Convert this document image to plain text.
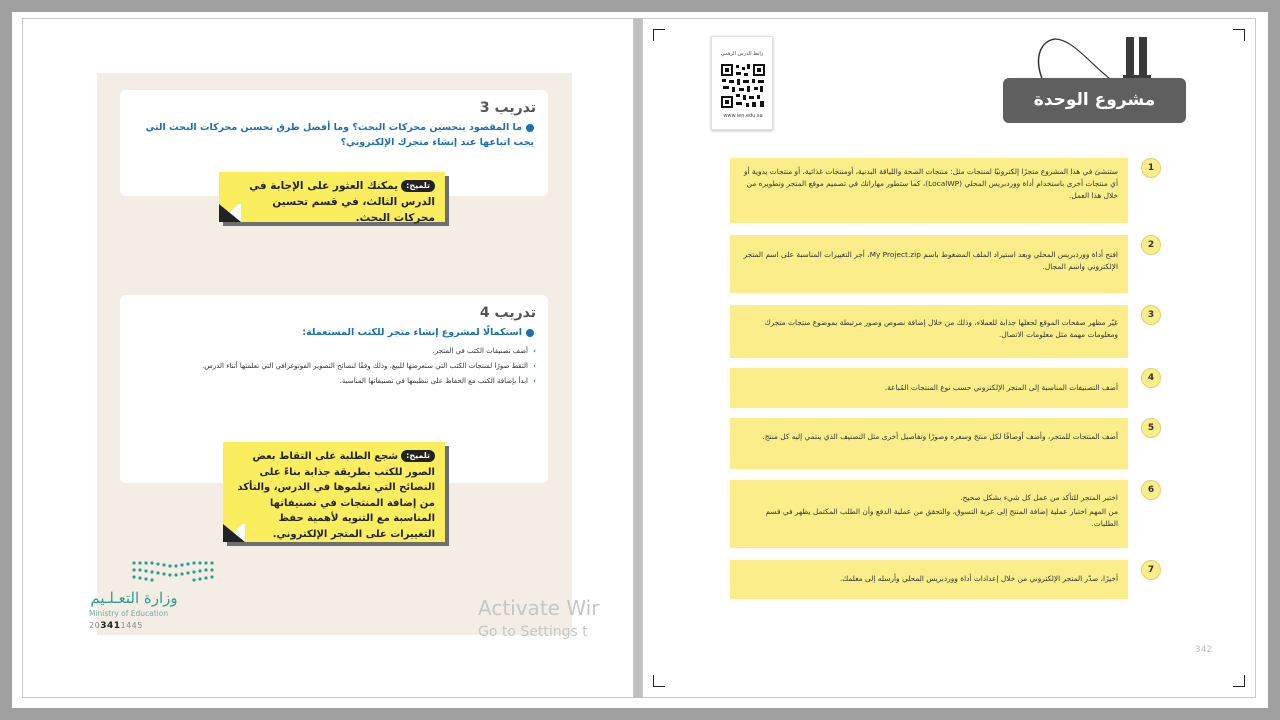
تدريب 3
ما المقصود بتحسين محركات البحث؟ وما أفضل طرق تحسين محركات البحث التي يجب اتباعها عند إنشاء متجرك الإلكتروني؟
تدريب 4
استكمالًا لمشروع إنشاء متجر للكتب المستعملة:
› أضف تصنيفات الكتب في المتجر.
› التقط صورًا لمنتجات الكتب التي ستعرضها للبيع، وذلك وفقًا لنصائح التصوير الفوتوغرافي التي تعلمتها أثناء الدرس.
› ابدأ بإضافة الكتب مع الحفاظ على تنظيمها في تصنيفاتها المناسبة.
تلميح:يمكنك العثور على الإجابة في الدرس الثالث، في قسم تحسين محركات البحث.
تلميح:شجع الطلبة على التقاط بعض الصور للكتب بطريقة جذابة بناءً على النصائح التي تعلموها في الدرس، والتأكد من إضافة المنتجات في تصنيفاتها المناسبة مع التنويه لأهمية حفظ التغييرات على المتجر الإلكتروني.
وزارة التعـلـيم
Ministry of Education
203411445
رابط الدرس الرقمي
www.ien.edu.sa
مشروع الوحدة
ستنشئ في هذا المشروع متجرًا إلكترونيًا لمنتجات مثل: منتجات الصحة واللياقة البدنية، أومنتجات غذائية، أو منتجات يدوية أو أي منتجات أخرى باستخدام أداة ووردبريس المحلي (LocalWP)، كما ستطور مهاراتك في تصميم موقع المتجر وتطويره من خلال هذا العمل.
1
افتح أداة ووردبريس المحلي وبعد استيراد الملف المضغوط باسم My Project.zip، أجر التغييرات المناسبة على اسم المتجر الإلكتروني واسم المجال.
2
غيّر مظهر صفحات الموقع لجعلها جذابة للعملاء، وذلك من خلال إضافة نصوص وصور مرتبطة بموضوع منتجات متجرك ومعلومات مهمة مثل معلومات الاتصال.
3
أضف التصنيفات المناسبة إلى المتجر الإلكتروني حسب نوع المنتجات المُباعة.
4
أضف المنتجات للمتجر، وأضف أوصافًا لكل منتج وسعره وصورًا وتفاصيل أخرى مثل التصنيف الذي ينتمي إليه كل منتج.
5
اختبر المتجر للتأكد من عمل كل شيء بشكل صحيح.
من المهم اختبار عملية إضافة المنتج إلى عربة التسوق، والتحقق من عملية الدفع وأن الطلب المكتمل يظهر في قسم الطلبات.
6
أخيرًا، صدّر المتجر الإلكتروني من خلال إعدادات أداة ووردبريس المحلي وأرسله إلى معلمك.
7
342
Activate Wir
Go to Settings t
